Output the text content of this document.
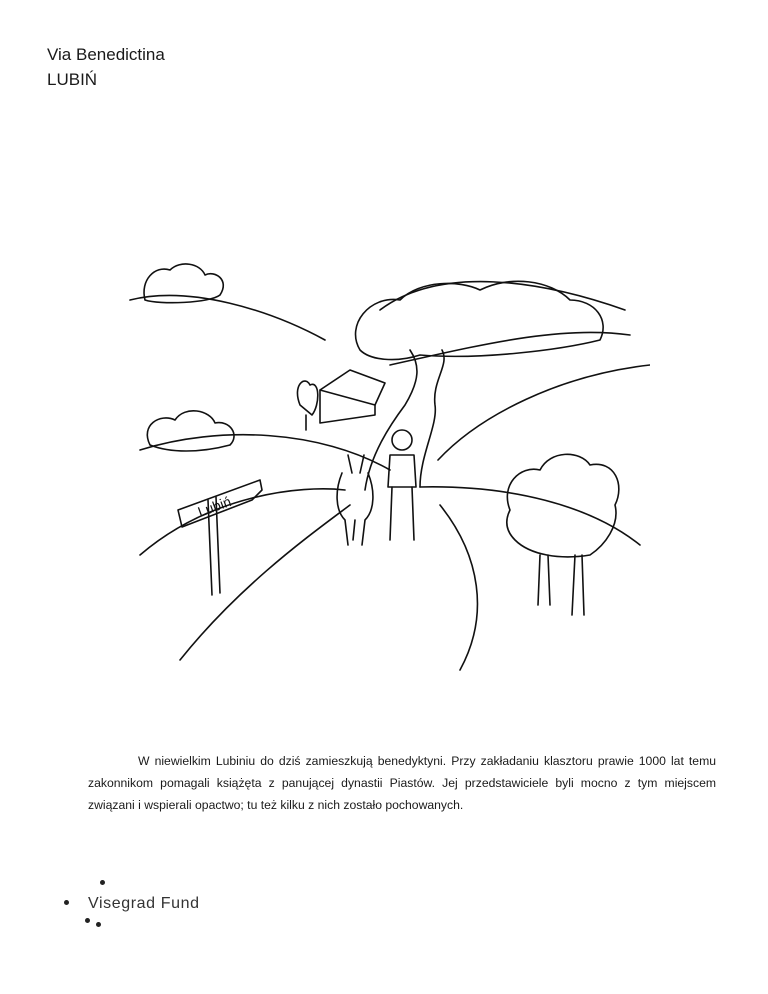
Via Benedictina
LUBIŃ
Lubiń

W niewielkim Lubiniu do dziś zamieszkują benedyktyni. Przy zakładaniu klasztoru prawie 1000 lat temu zakonnikom pomagali książęta z panującej dynastii Piastów. Jej przedstawiciele byli mocno z tym miejscem związani i wspierali opactwo; tu też kilku z nich zostało pochowanych.

Visegrad Fund
